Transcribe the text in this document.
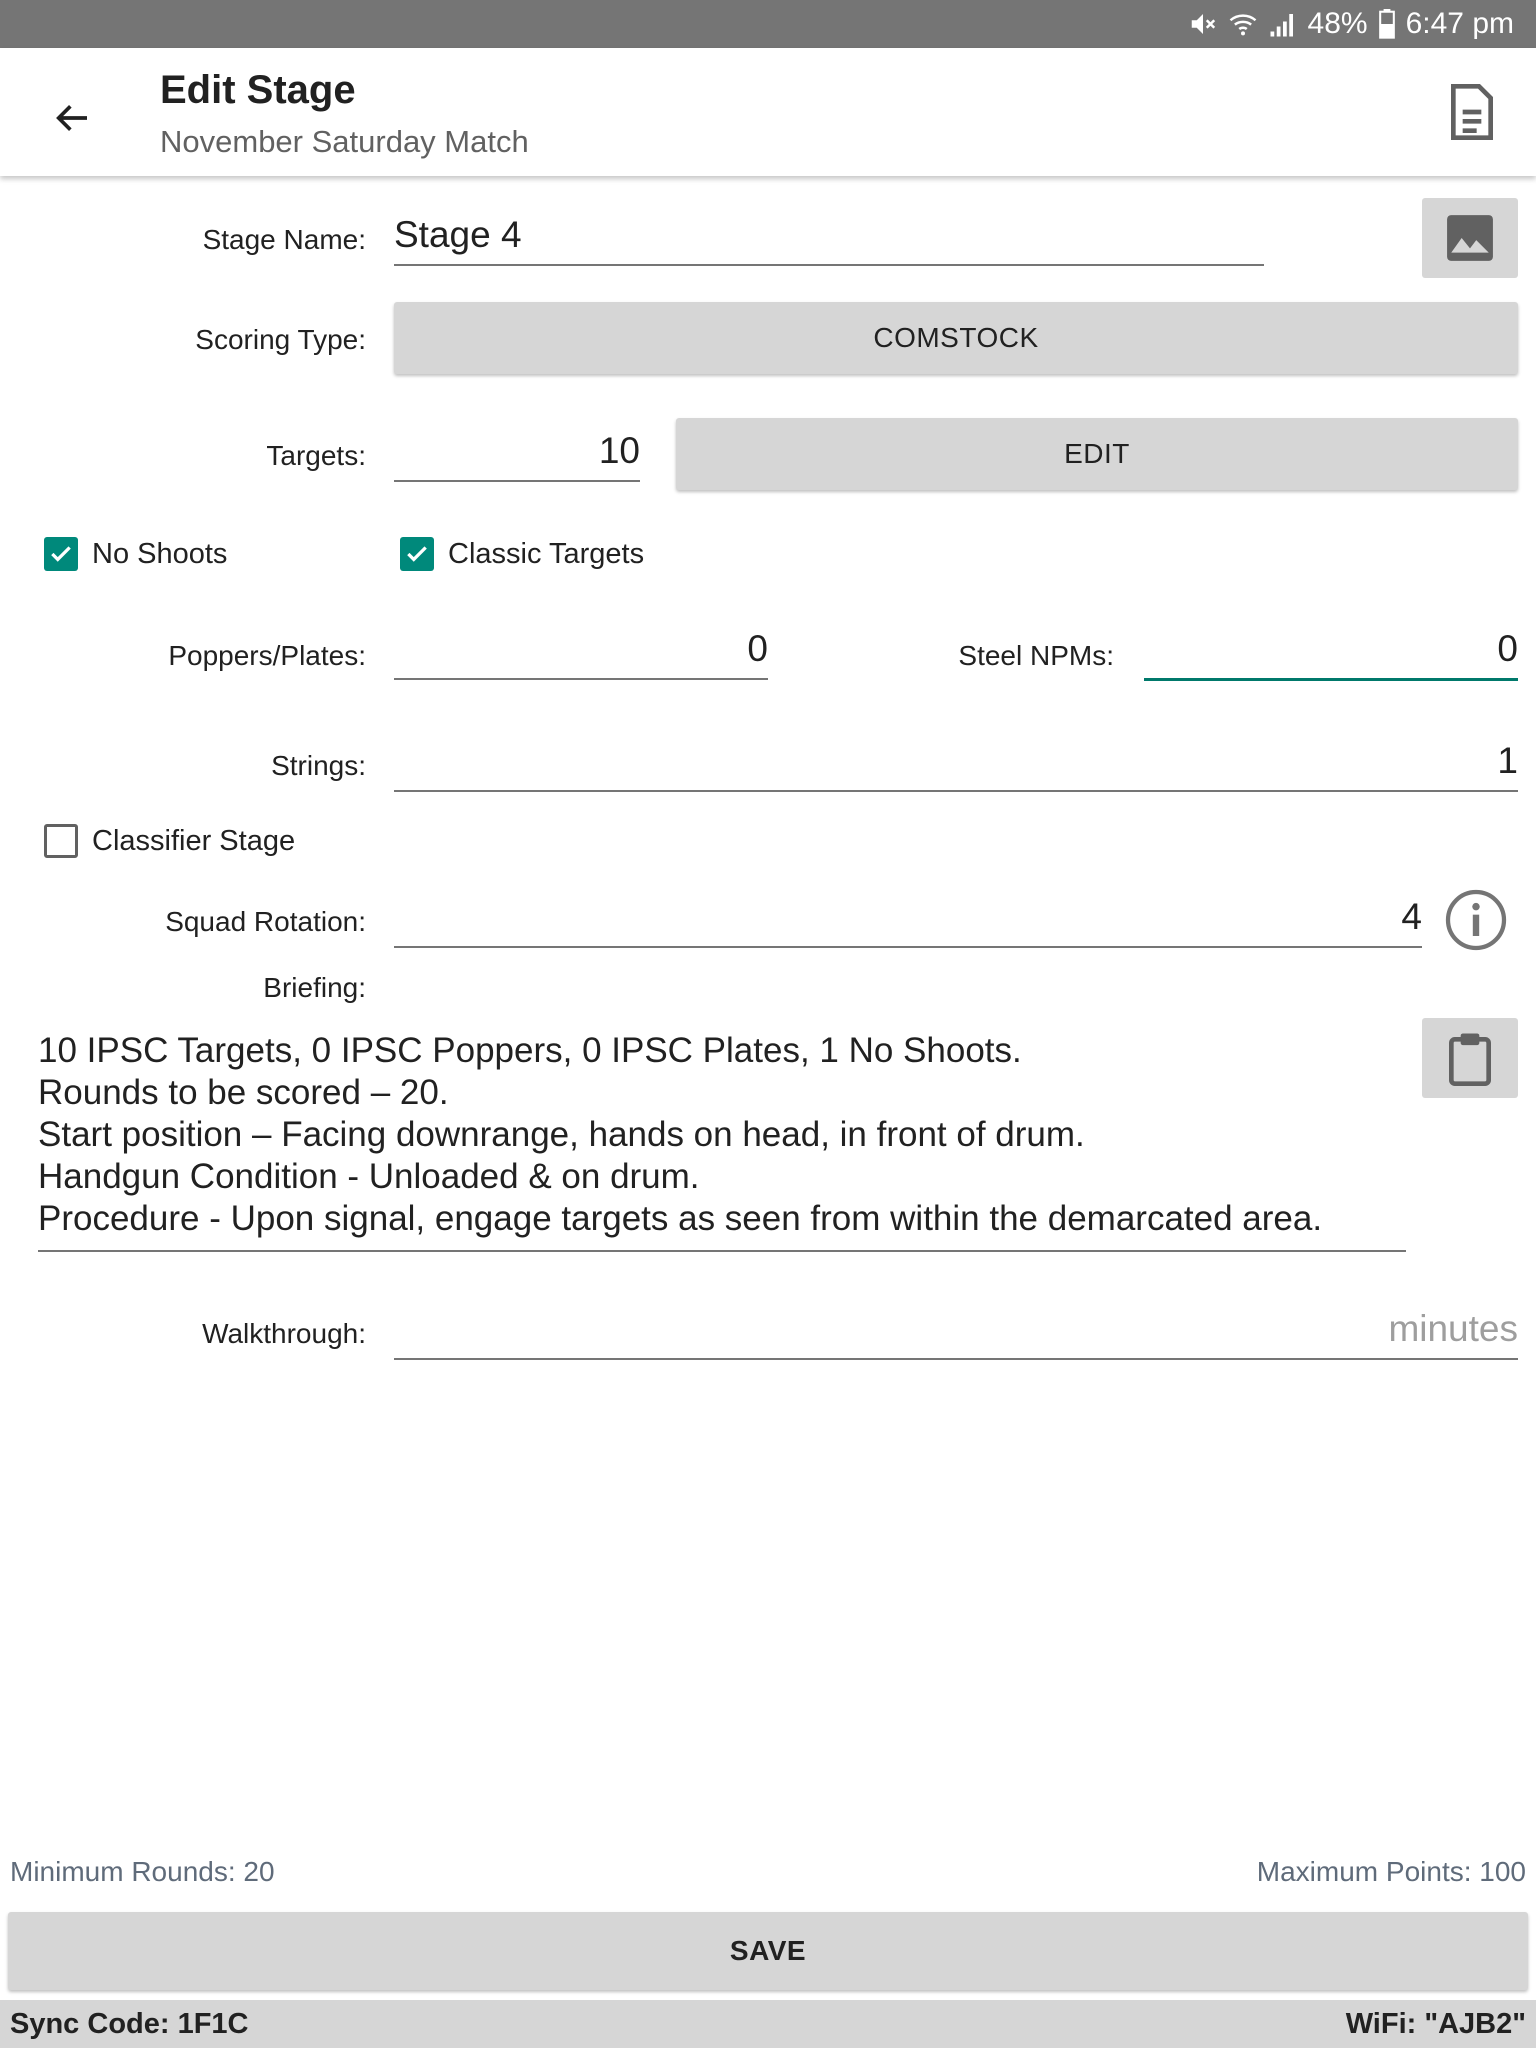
48% 6:47 pm
Edit Stage
November Saturday Match
Stage Name: Stage 4
Scoring Type:	COMSTOCK
Targets:	10	EDIT
No Shoots	Classic Targets
Poppers/Plates:	0	Steel NPMs:	0
Strings:	1
Classifier Stage
Squad Rotation:	4
Briefing:
10 IPSC Targets, 0 IPSC Poppers, 0 IPSC Plates, 1 No Shoots.
Rounds to be scored – 20.
Start position – Facing downrange, hands on head, in front of drum.
Handgun Condition - Unloaded & on drum.
Procedure - Upon signal, engage targets as seen from within the demarcated area.
Walkthrough:	minutes
Minimum Rounds: 20	Maximum Points: 100
SAVE
Sync Code: 1F1C	WiFi: "AJB2"
